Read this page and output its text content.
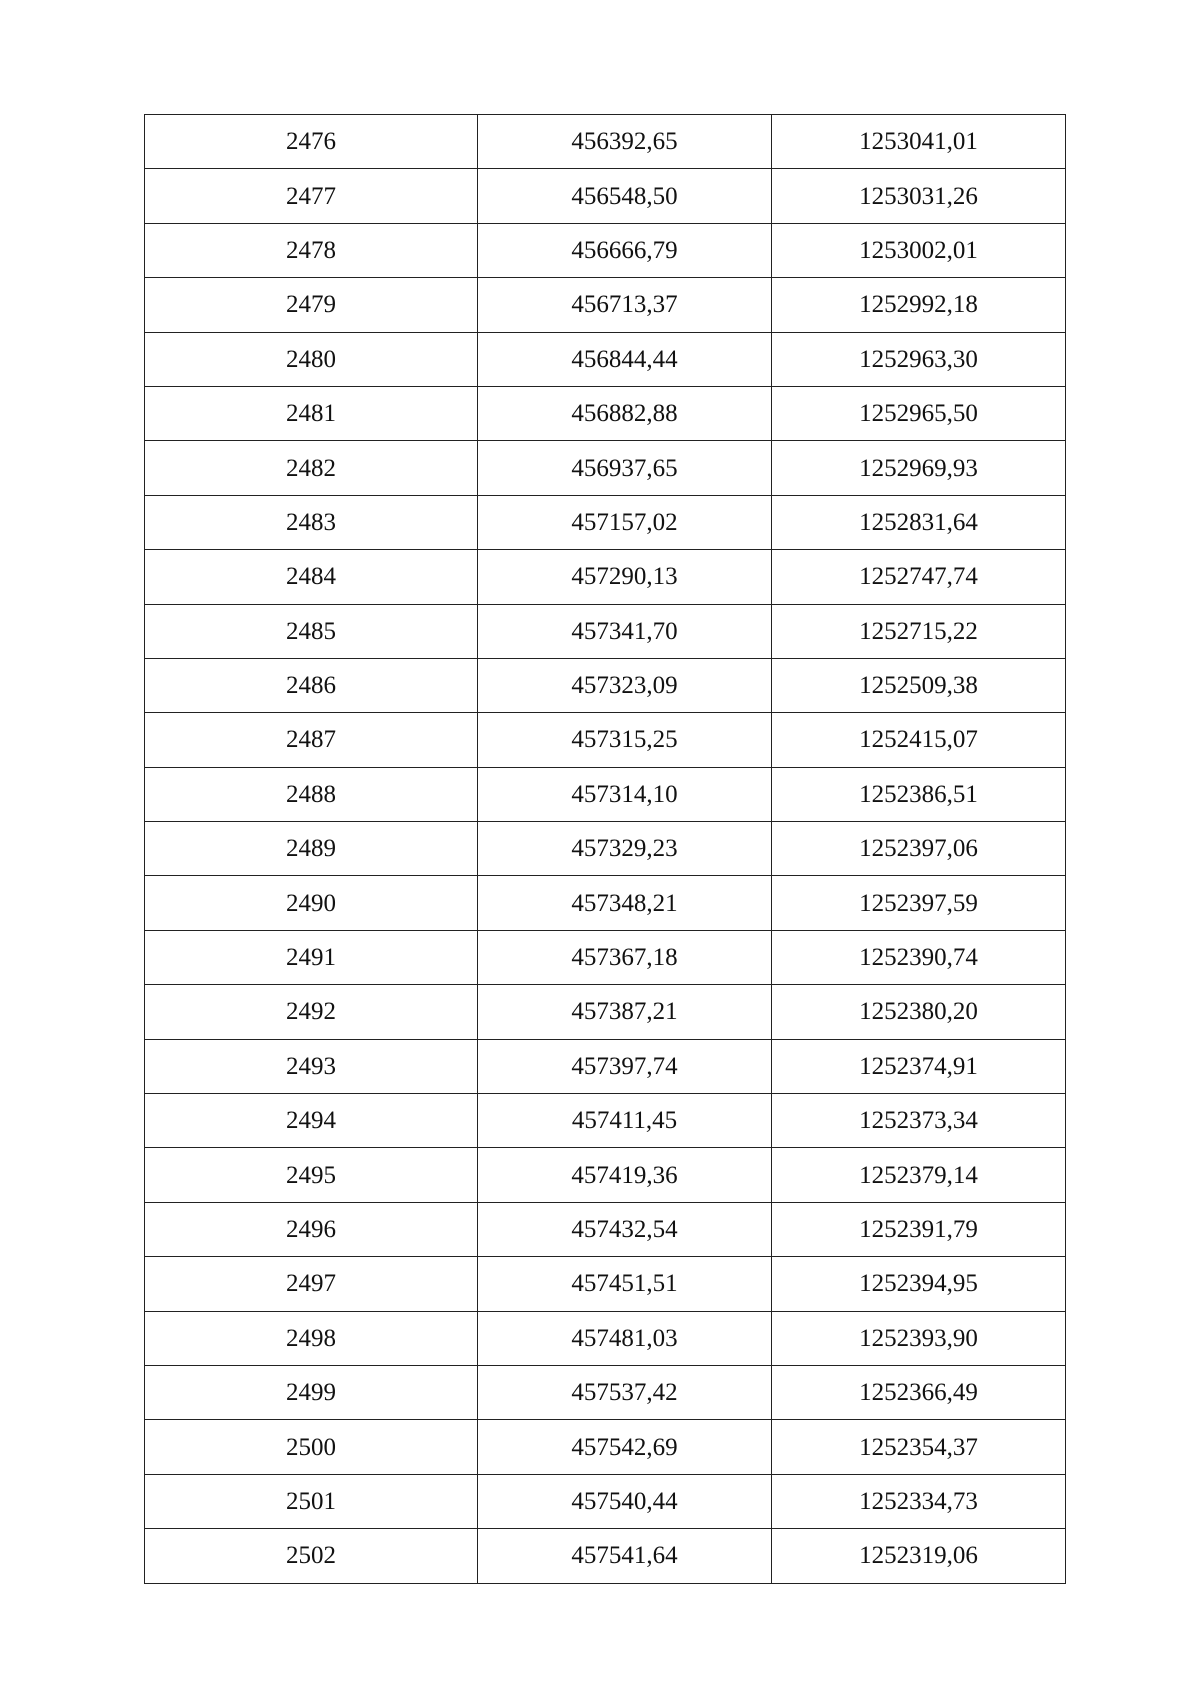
2476	456392,65	1253041,01
2477	456548,50	1253031,26
2478	456666,79	1253002,01
2479	456713,37	1252992,18
2480	456844,44	1252963,30
2481	456882,88	1252965,50
2482	456937,65	1252969,93
2483	457157,02	1252831,64
2484	457290,13	1252747,74
2485	457341,70	1252715,22
2486	457323,09	1252509,38
2487	457315,25	1252415,07
2488	457314,10	1252386,51
2489	457329,23	1252397,06
2490	457348,21	1252397,59
2491	457367,18	1252390,74
2492	457387,21	1252380,20
2493	457397,74	1252374,91
2494	457411,45	1252373,34
2495	457419,36	1252379,14
2496	457432,54	1252391,79
2497	457451,51	1252394,95
2498	457481,03	1252393,90
2499	457537,42	1252366,49
2500	457542,69	1252354,37
2501	457540,44	1252334,73
2502	457541,64	1252319,06
